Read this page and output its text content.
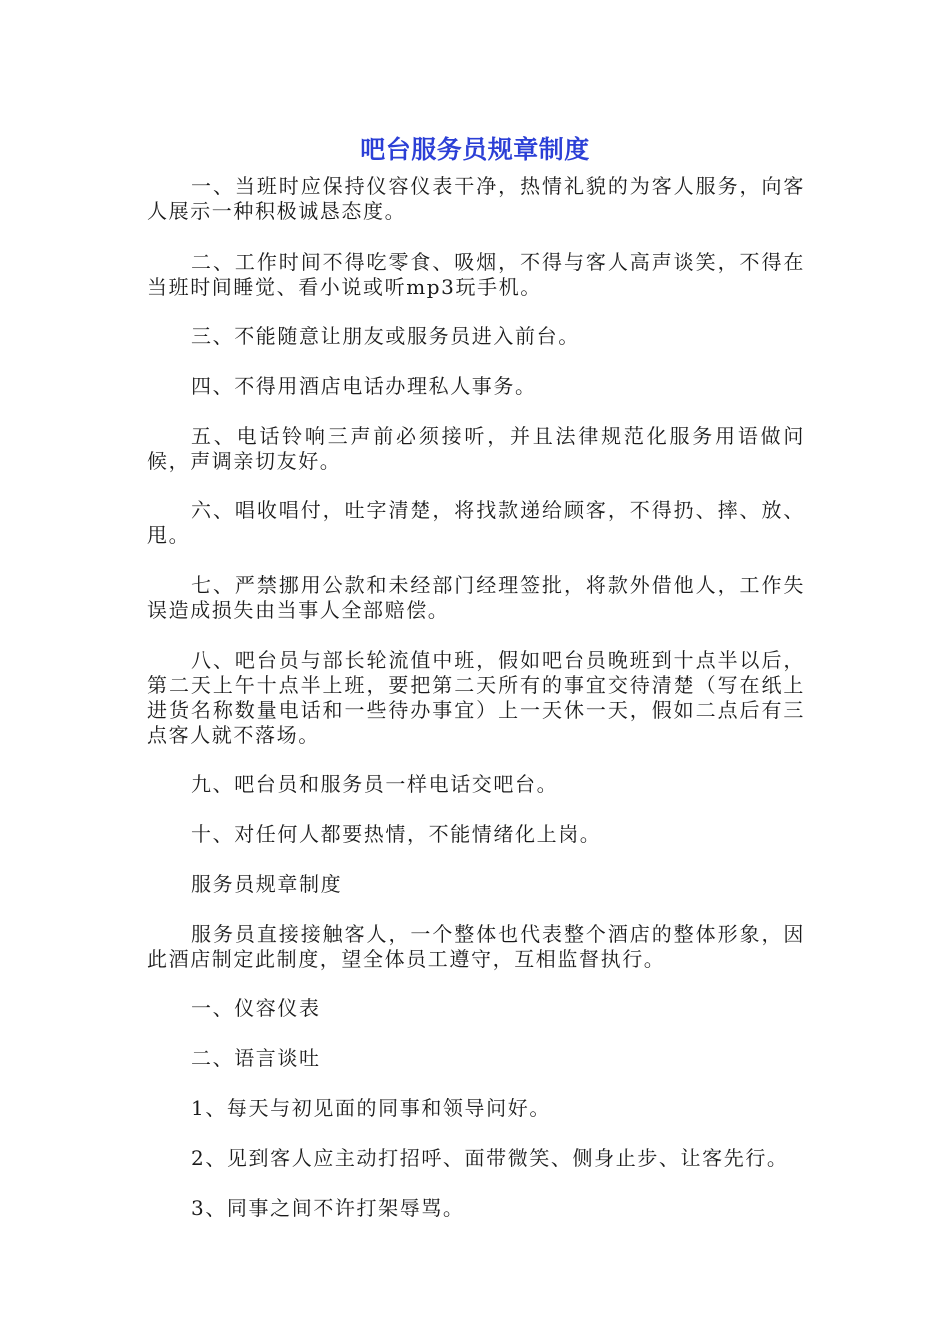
吧台服务员规章制度

一、当班时应保持仪容仪表干净，热情礼貌的为客人服务，向客人展示一种积极诚恳态度。

二、工作时间不得吃零食、吸烟，不得与客人高声谈笑，不得在当班时间睡觉、看小说或听mp3玩手机。

三、不能随意让朋友或服务员进入前台。

四、不得用酒店电话办理私人事务。

五、电话铃响三声前必须接听，并且法律规范化服务用语做问候，声调亲切友好。

六、唱收唱付，吐字清楚，将找款递给顾客，不得扔、摔、放、甩。

七、严禁挪用公款和未经部门经理签批，将款外借他人，工作失误造成损失由当事人全部赔偿。

八、吧台员与部长轮流值中班，假如吧台员晚班到十点半以后，第二天上午十点半上班，要把第二天所有的事宜交待清楚（写在纸上进货名称数量电话和一些待办事宜）上一天休一天，假如二点后有三点客人就不落场。

九、吧台员和服务员一样电话交吧台。

十、对任何人都要热情，不能情绪化上岗。

服务员规章制度

服务员直接接触客人，一个整体也代表整个酒店的整体形象，因此酒店制定此制度，望全体员工遵守，互相监督执行。

一、仪容仪表

二、语言谈吐

1、每天与初见面的同事和领导问好。

2、见到客人应主动打招呼、面带微笑、侧身止步、让客先行。

3、同事之间不许打架辱骂。
